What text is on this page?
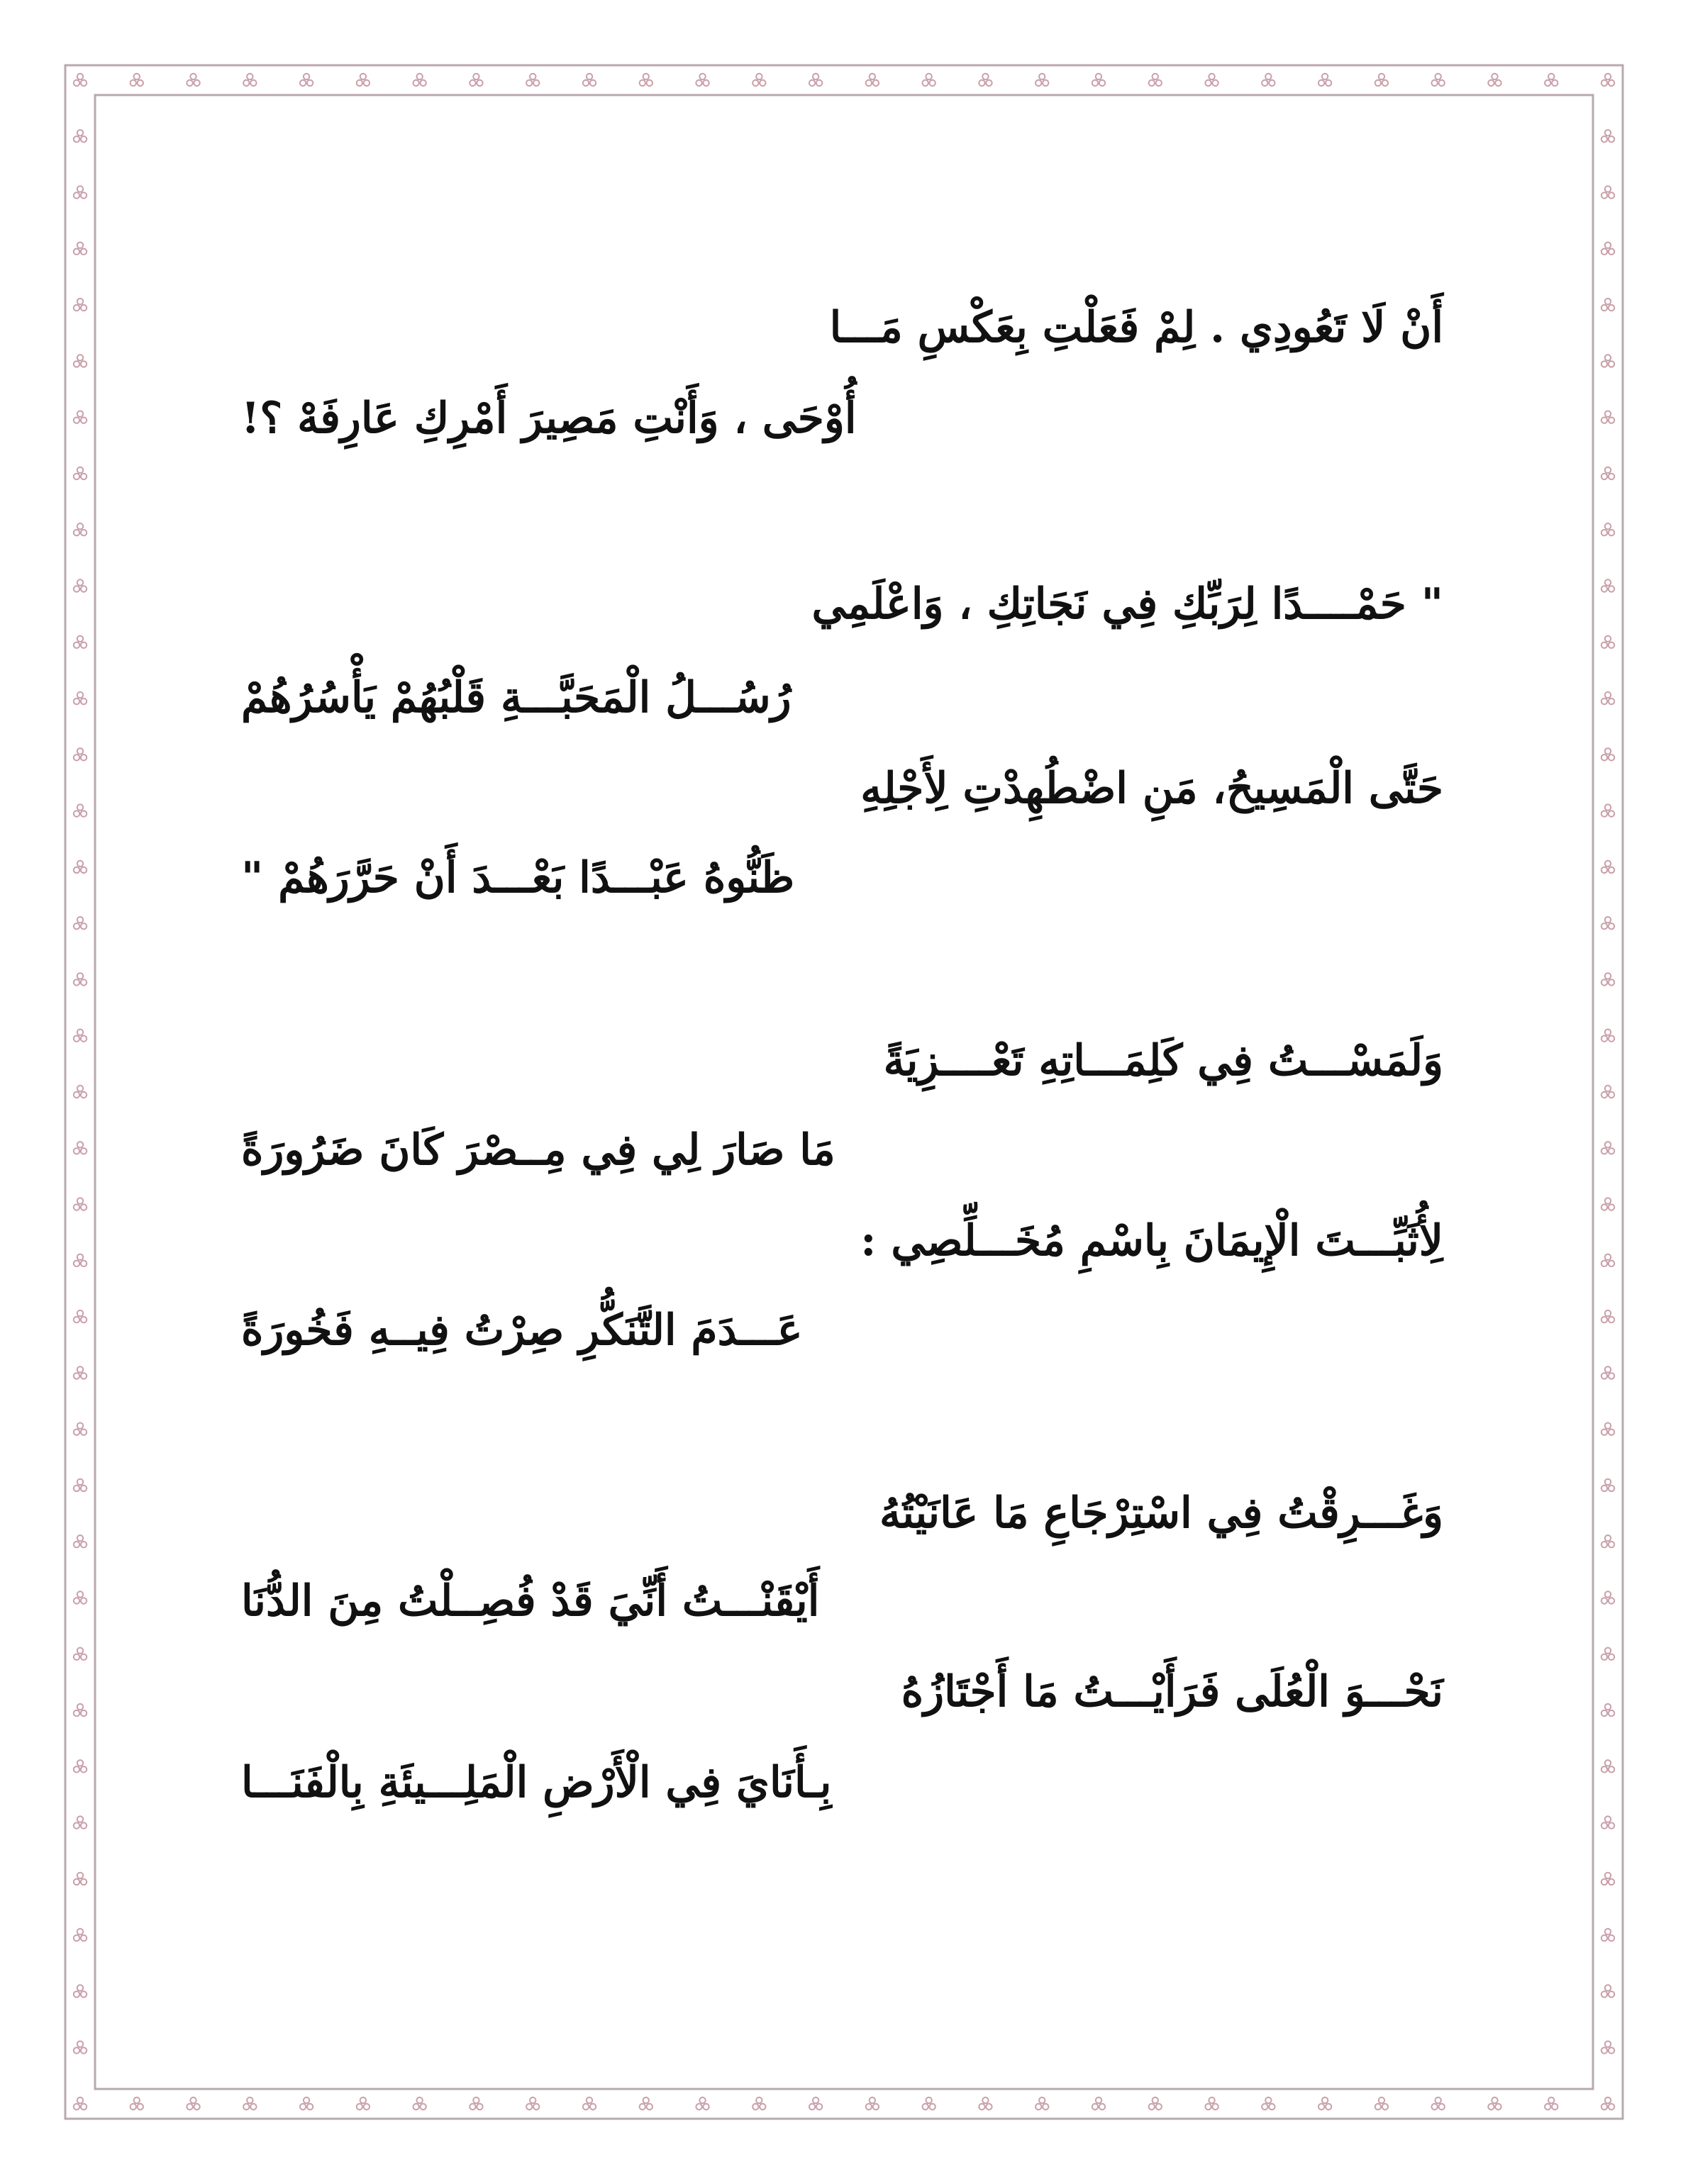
أَنْ لَا تَعُودِي . لِمْ فَعَلْتِ بِعَكْسِ مَـــا

أُوْحَى ، وَأَنْتِ مَصِيرَ أَمْرِكِ عَارِفَهْ ؟!

" حَمْــــدًا لِرَبِّكِ فِي نَجَاتِكِ ، وَاعْلَمِي

رُسُـــلُ الْمَحَبَّـــةِ قَلْبُهُمْ يَأْسُرُهُمْ

حَتَّى الْمَسِيحُ، مَنِ اضْطُهِدْتِ لِأَجْلِهِ

ظَنُّوهُ عَبْـــدًا بَعْـــدَ أَنْ حَرَّرَهُمْ "

وَلَمَسْـــتُ فِي كَلِمَـــاتِهِ تَعْــــزِيَةً

مَا صَارَ لِي فِي مِــصْرَ كَانَ ضَرُورَةً

لِأُثَبِّـــتَ الْإِيمَانَ بِاسْمِ مُخَـــلِّصِي :

عَـــدَمَ التَّنَكُّرِ صِرْتُ فِيــهِ فَخُورَةً

وَغَـــرِقْتُ فِي اسْتِرْجَاعِ مَا عَانَيْتُهُ

أَيْقَنْـــتُ أَنِّيَ قَدْ فُصِــلْتُ مِنَ الدُّنَا

نَحْـــوَ الْعُلَى فَرَأَيْـــتُ مَا أَجْتَازُهُ

بِـأَنَايَ فِي الْأَرْضِ الْمَلِـــيئَةِ بِالْفَنَـــا
